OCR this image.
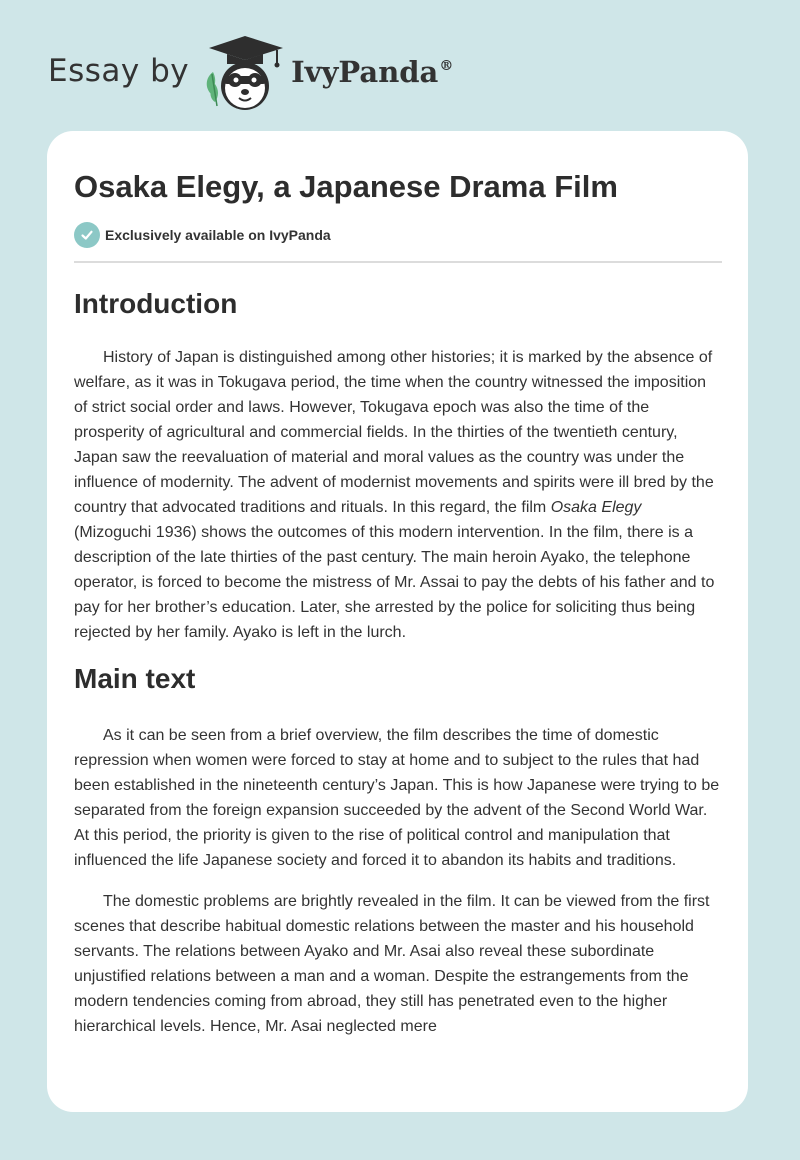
Essay by	IvyPanda®
Osaka Elegy, a Japanese Drama Film
Exclusively available on IvyPanda
Introduction

History of Japan is distinguished among other histories; it is marked by the absence of welfare, as it was in Tokugava period, the time when the country witnessed the imposition of strict social order and laws. However, Tokugava epoch was also the time of the prosperity of agricultural and commercial fields. In the thirties of the twentieth century, Japan saw the reevaluation of material and moral values as the country was under the influence of modernity. The advent of modernist movements and spirits were ill bred by the country that advocated traditions and rituals. In this regard, the film Osaka Elegy (Mizoguchi 1936) shows the outcomes of this modern intervention. In the film, there is a description of the late thirties of the past century. The main heroin Ayako, the telephone operator, is forced to become the mistress of Mr. Assai to pay the debts of his father and to pay for her brother’s education. Later, she arrested by the police for soliciting thus being rejected by her family. Ayako is left in the lurch.

Main text

As it can be seen from a brief overview, the film describes the time of domestic repression when women were forced to stay at home and to subject to the rules that had been established in the nineteenth century’s Japan. This is how Japanese were trying to be separated from the foreign expansion succeeded by the advent of the Second World War. At this period, the priority is given to the rise of political control and manipulation that influenced the life Japanese society and forced it to abandon its habits and traditions.

The domestic problems are brightly revealed in the film. It can be viewed from the first scenes that describe habitual domestic relations between the master and his household servants. The relations between Ayako and Mr. Asai also reveal these subordinate unjustified relations between a man and a woman. Despite the estrangements from the modern tendencies coming from abroad, they still has penetrated even to the higher hierarchical levels. Hence, Mr. Asai neglected mere
